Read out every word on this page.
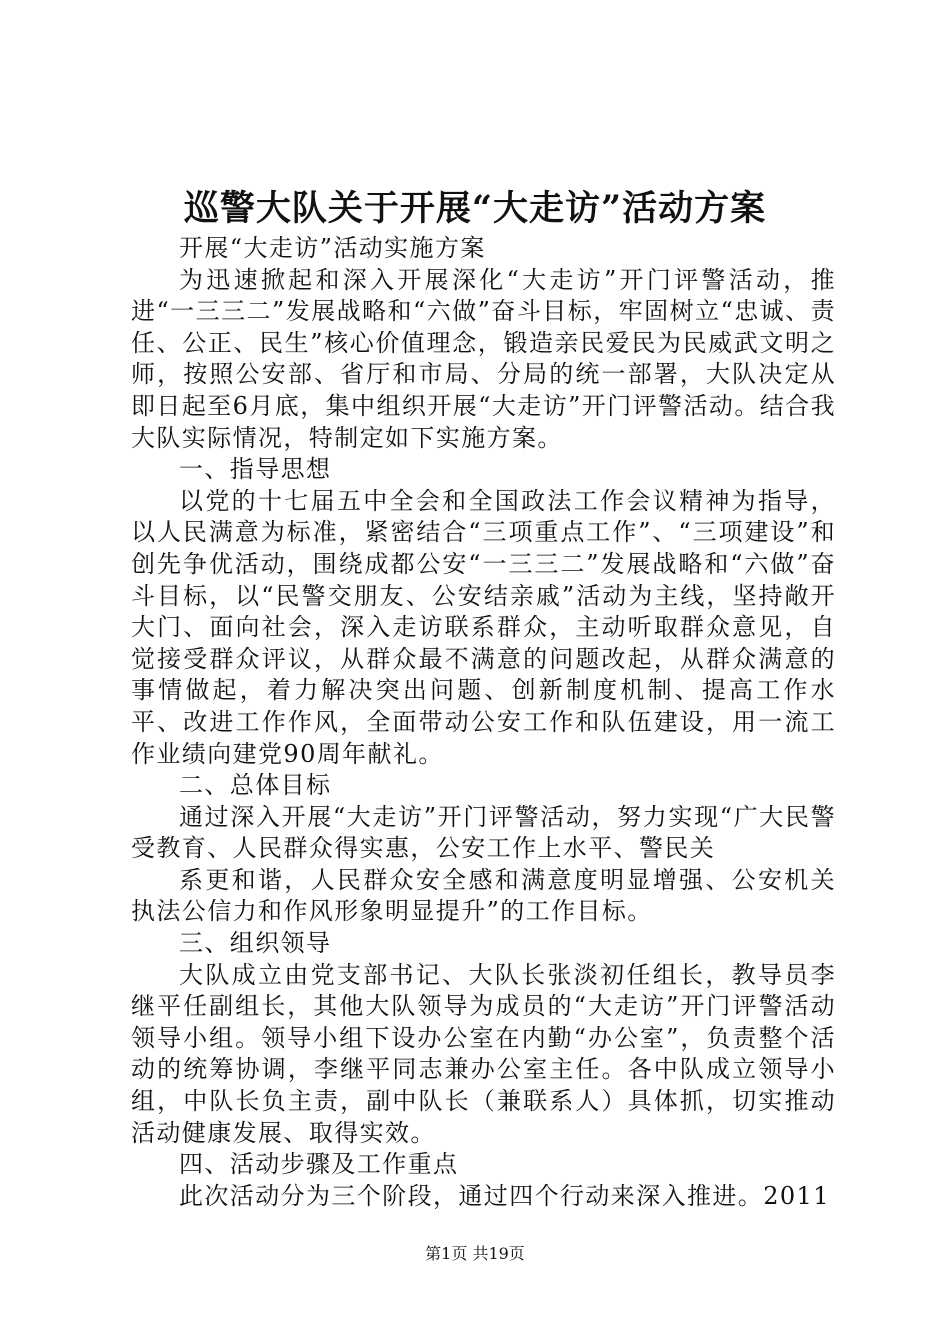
巡警大队关于开展“大走访”活动方案

开展“大走访”活动实施方案

为迅速掀起和深入开展深化“大走访”开门评警活动，推进“一三三二”发展战略和“六做”奋斗目标，牢固树立“忠诚、责任、公正、民生”核心价值理念，锻造亲民爱民为民威武文明之师，按照公安部、省厅和市局、分局的统一部署，大队决定从即日起至6月底，集中组织开展“大走访”开门评警活动。结合我大队实际情况，特制定如下实施方案。

一、指导思想

以党的十七届五中全会和全国政法工作会议精神为指导，以人民满意为标准，紧密结合“三项重点工作”、“三项建设”和创先争优活动，围绕成都公安“一三三二”发展战略和“六做”奋斗目标，以“民警交朋友、公安结亲戚”活动为主线，坚持敞开大门、面向社会，深入走访联系群众，主动听取群众意见，自觉接受群众评议，从群众最不满意的问题改起，从群众满意的事情做起，着力解决突出问题、创新制度机制、提高工作水平、改进工作作风，全面带动公安工作和队伍建设，用一流工作业绩向建党90周年献礼。

二、总体目标

通过深入开展“大走访”开门评警活动，努力实现“广大民警受教育、人民群众得实惠，公安工作上水平、警民关

系更和谐，人民群众安全感和满意度明显增强、公安机关执法公信力和作风形象明显提升”的工作目标。

三、组织领导

大队成立由党支部书记、大队长张淡初任组长，教导员李继平任副组长，其他大队领导为成员的“大走访”开门评警活动领导小组。领导小组下设办公室在内勤“办公室”，负责整个活动的统筹协调，李继平同志兼办公室主任。各中队成立领导小组，中队长负主责，副中队长（兼联系人）具体抓，切实推动活动健康发展、取得实效。

四、活动步骤及工作重点

此次活动分为三个阶段，通过四个行动来深入推进。2011

第1页 共19页
